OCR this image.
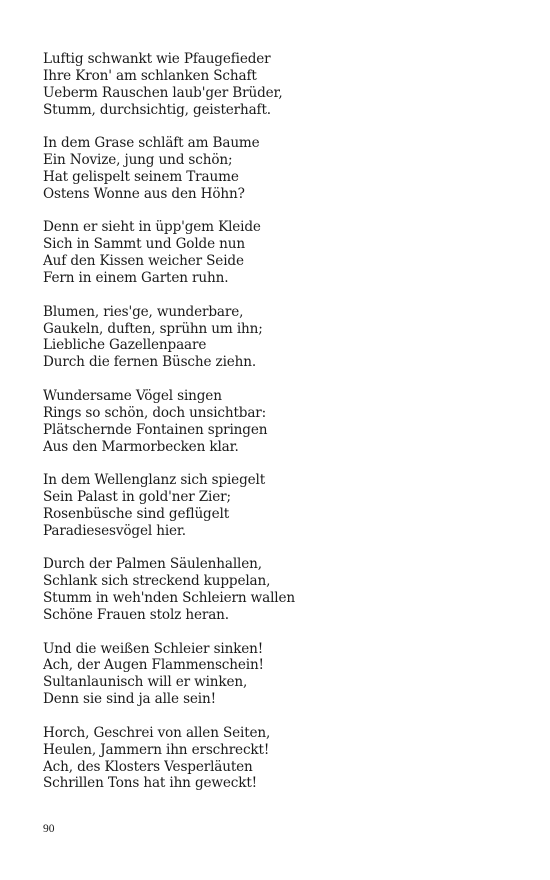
Luftig schwankt wie Pfaugefieder
Ihre Kron' am schlanken Schaft
Ueberm Rauschen laub'ger Brüder,
Stumm, durchsichtig, geisterhaft.
In dem Grase schläft am Baume
Ein Novize, jung und schön;
Hat gelispelt seinem Traume
Ostens Wonne aus den Höhn?
Denn er sieht in üpp'gem Kleide
Sich in Sammt und Golde nun
Auf den Kissen weicher Seide
Fern in einem Garten ruhn.
Blumen, ries'ge, wunderbare,
Gaukeln, duften, sprühn um ihn;
Liebliche Gazellenpaare
Durch die fernen Büsche ziehn.
Wundersame Vögel singen
Rings so schön, doch unsichtbar:
Plätschernde Fontainen springen
Aus den Marmorbecken klar.
In dem Wellenglanz sich spiegelt
Sein Palast in gold'ner Zier;
Rosenbüsche sind geflügelt
Paradiesesvögel hier.
Durch der Palmen Säulenhallen,
Schlank sich streckend kuppelan,
Stumm in weh'nden Schleiern wallen
Schöne Frauen stolz heran.
Und die weißen Schleier sinken!
Ach, der Augen Flammenschein!
Sultanlaunisch will er winken,
Denn sie sind ja alle sein!
Horch, Geschrei von allen Seiten,
Heulen, Jammern ihn erschreckt!
Ach, des Klosters Vesperläuten
Schrillen Tons hat ihn geweckt!
90
